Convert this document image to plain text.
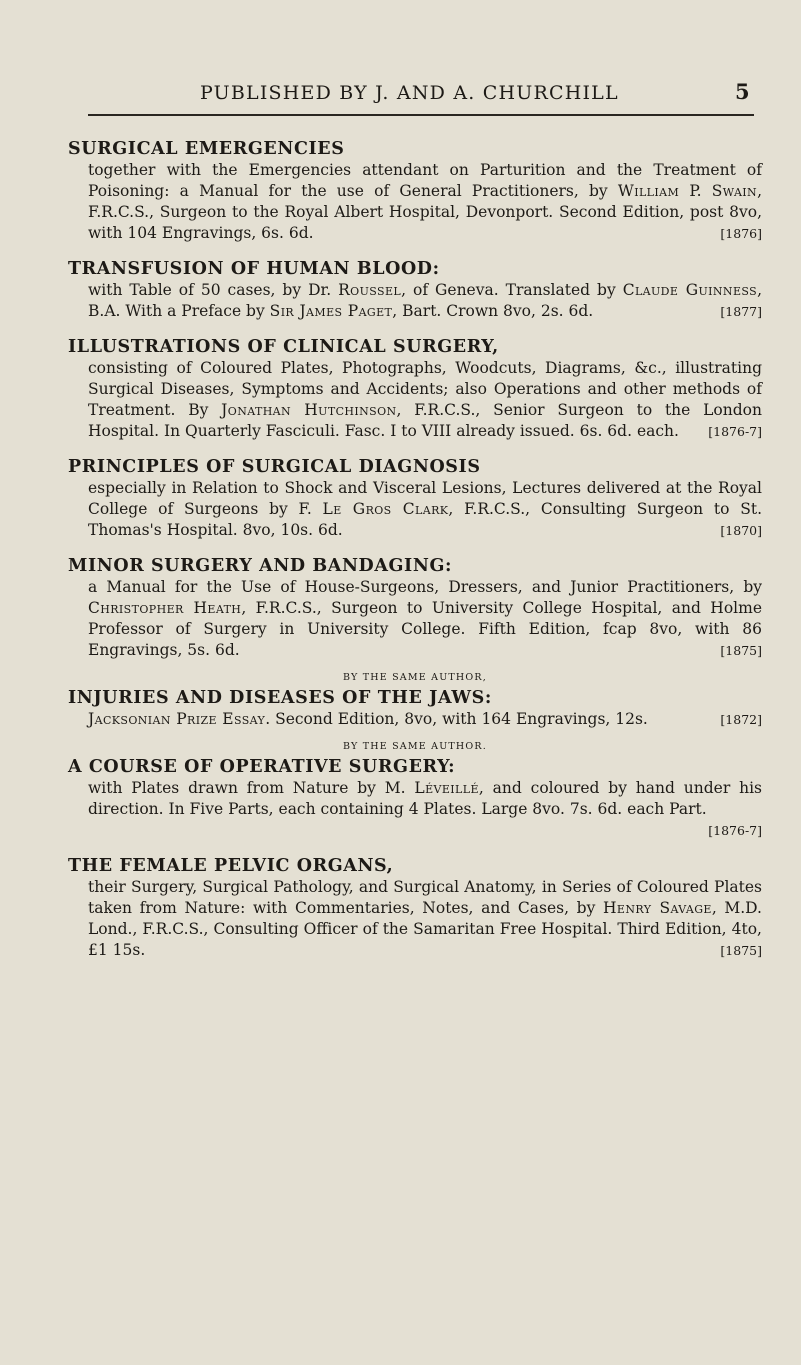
PUBLISHED BY J. AND A. CHURCHILL	5
SURGICAL EMERGENCIES
together with the Emergencies attendant on Parturition and the Treatment of Poisoning: a Manual for the use of General Practitioners, by William P. Swain, F.R.C.S., Surgeon to the Royal Albert Hospital, Devonport. Second Edition, post 8vo, with 104 Engravings, 6s. 6d.	[1876]
TRANSFUSION OF HUMAN BLOOD:
with Table of 50 cases, by Dr. Roussel, of Geneva. Translated by Claude Guinness, B.A. With a Preface by Sir James Paget, Bart. Crown 8vo, 2s. 6d.	[1877]
ILLUSTRATIONS OF CLINICAL SURGERY,
consisting of Coloured Plates, Photographs, Woodcuts, Diagrams, &c., illustrating Surgical Diseases, Symptoms and Accidents; also Operations and other methods of Treatment. By Jonathan Hutchinson, F.R.C.S., Senior Surgeon to the London Hospital. In Quarterly Fasciculi. Fasc. I to VIII already issued. 6s. 6d. each. [1876-7]
PRINCIPLES OF SURGICAL DIAGNOSIS
especially in Relation to Shock and Visceral Lesions, Lectures delivered at the Royal College of Surgeons by F. Le Gros Clark, F.R.C.S., Consulting Surgeon to St. Thomas's Hospital. 8vo, 10s. 6d.	[1870]
MINOR SURGERY AND BANDAGING:
a Manual for the Use of House-Surgeons, Dressers, and Junior Practitioners, by Christopher Heath, F.R.C.S., Surgeon to University College Hospital, and Holme Professor of Surgery in University College. Fifth Edition, fcap 8vo, with 86 Engravings, 5s. 6d.	[1875]
BY THE SAME AUTHOR,
INJURIES AND DISEASES OF THE JAWS:
Jacksonian Prize Essay. Second Edition, 8vo, with 164 Engravings, 12s.	[1872]
BY THE SAME AUTHOR.
A COURSE OF OPERATIVE SURGERY:
with Plates drawn from Nature by M. Léveillé, and coloured by hand under his direction. In Five Parts, each containing 4 Plates. Large 8vo. 7s. 6d. each Part.
[1876-7]
THE FEMALE PELVIC ORGANS,
their Surgery, Surgical Pathology, and Surgical Anatomy, in Series of Coloured Plates taken from Nature: with Commentaries, Notes, and Cases, by Henry Savage, M.D. Lond., F.R.C.S., Consulting Officer of the Samaritan Free Hospital. Third Edition, 4to, £1 15s.	[1875]
